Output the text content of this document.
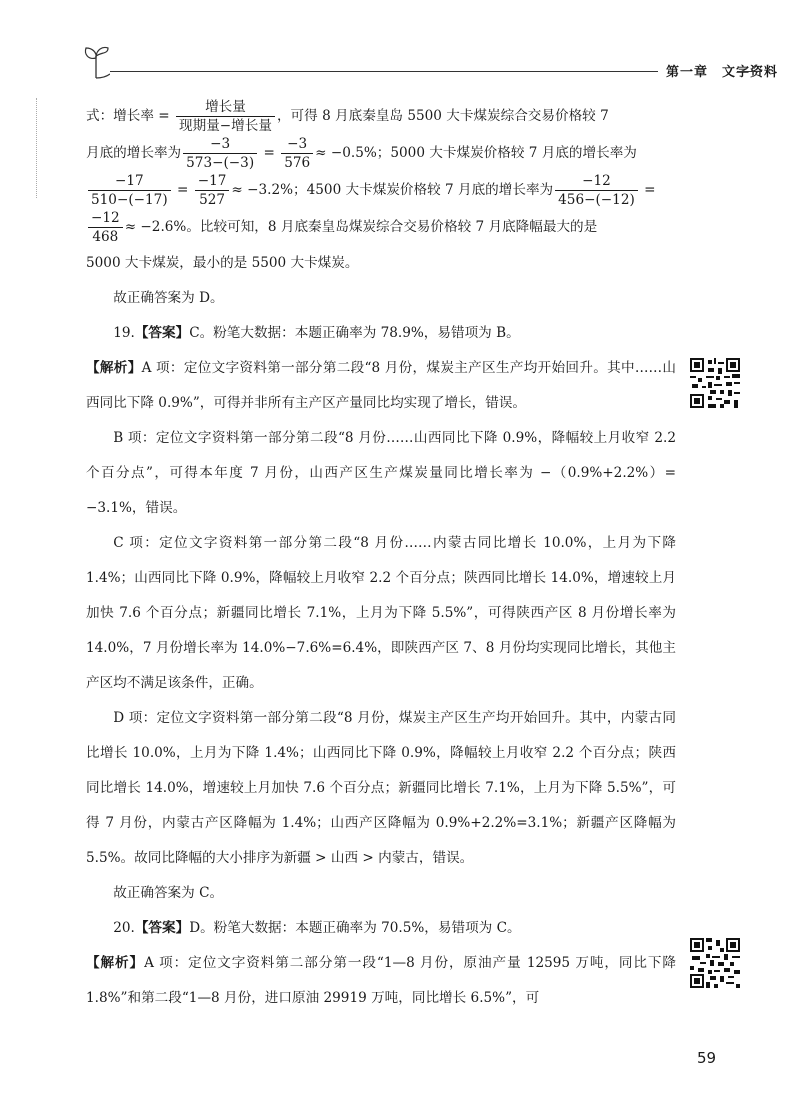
第一章　文字资料
式：增长率 = $\frac{\text{增长量}}{\text{现期量−增长量}}$ ，可得 8 月底秦皇岛 5500 大卡煤炭综合交易价格较 7
月底的增长率为 $\frac{-3}{573-(-3)} = \frac{-3}{576} \approx -0.5\%$；5000 大卡煤炭价格较 7 月底的增长率为
$\frac{-17}{510-(-17)} = \frac{-17}{527} \approx -3.2\%$；4500 大卡煤炭价格较 7 月底的增长率为 $\frac{-12}{456-(-12)}$ =
$\frac{-12}{468} \approx -2.6\%$。比较可知，8 月底秦皇岛煤炭综合交易价格较 7 月底降幅最大的是
5000 大卡煤炭，最小的是 5500 大卡煤炭。

故正确答案为 D。

19.【答案】C。粉笔大数据：本题正确率为 78.9%，易错项为 B。

【解析】A 项：定位文字资料第一部分第二段“8 月份，煤炭主产区生产均开始回升。其中……山西同比下降 0.9%”，可得并非所有主产区产量同比均实现了增长，错误。

B 项：定位文字资料第一部分第二段“8 月份……山西同比下降 0.9%，降幅较上月收窄 2.2 个百分点”，可得本年度 7 月份，山西产区生产煤炭量同比增长率为 −（0.9%+2.2%）= −3.1%，错误。

C 项：定位文字资料第一部分第二段“8 月份……内蒙古同比增长 10.0%，上月为下降 1.4%；山西同比下降 0.9%，降幅较上月收窄 2.2 个百分点；陕西同比增长 14.0%，增速较上月加快 7.6 个百分点；新疆同比增长 7.1%，上月为下降 5.5%”，可得陕西产区 8 月份增长率为 14.0%，7 月份增长率为 14.0%−7.6%=6.4%，即陕西产区 7、8 月份均实现同比增长，其他主产区均不满足该条件，正确。

D 项：定位文字资料第一部分第二段“8 月份，煤炭主产区生产均开始回升。其中，内蒙古同比增长 10.0%，上月为下降 1.4%；山西同比下降 0.9%，降幅较上月收窄 2.2 个百分点；陕西同比增长 14.0%，增速较上月加快 7.6 个百分点；新疆同比增长 7.1%，上月为下降 5.5%”，可得 7 月份，内蒙古产区降幅为 1.4%；山西产区降幅为 0.9%+2.2%=3.1%；新疆产区降幅为 5.5%。故同比降幅的大小排序为新疆 > 山西 > 内蒙古，错误。

故正确答案为 C。

20.【答案】D。粉笔大数据：本题正确率为 70.5%，易错项为 C。

【解析】A 项：定位文字资料第二部分第一段“1—8 月份，原油产量 12595 万吨，同比下降 1.8%”和第二段“1—8 月份，进口原油 29919 万吨，同比增长 6.5%”，可

59
